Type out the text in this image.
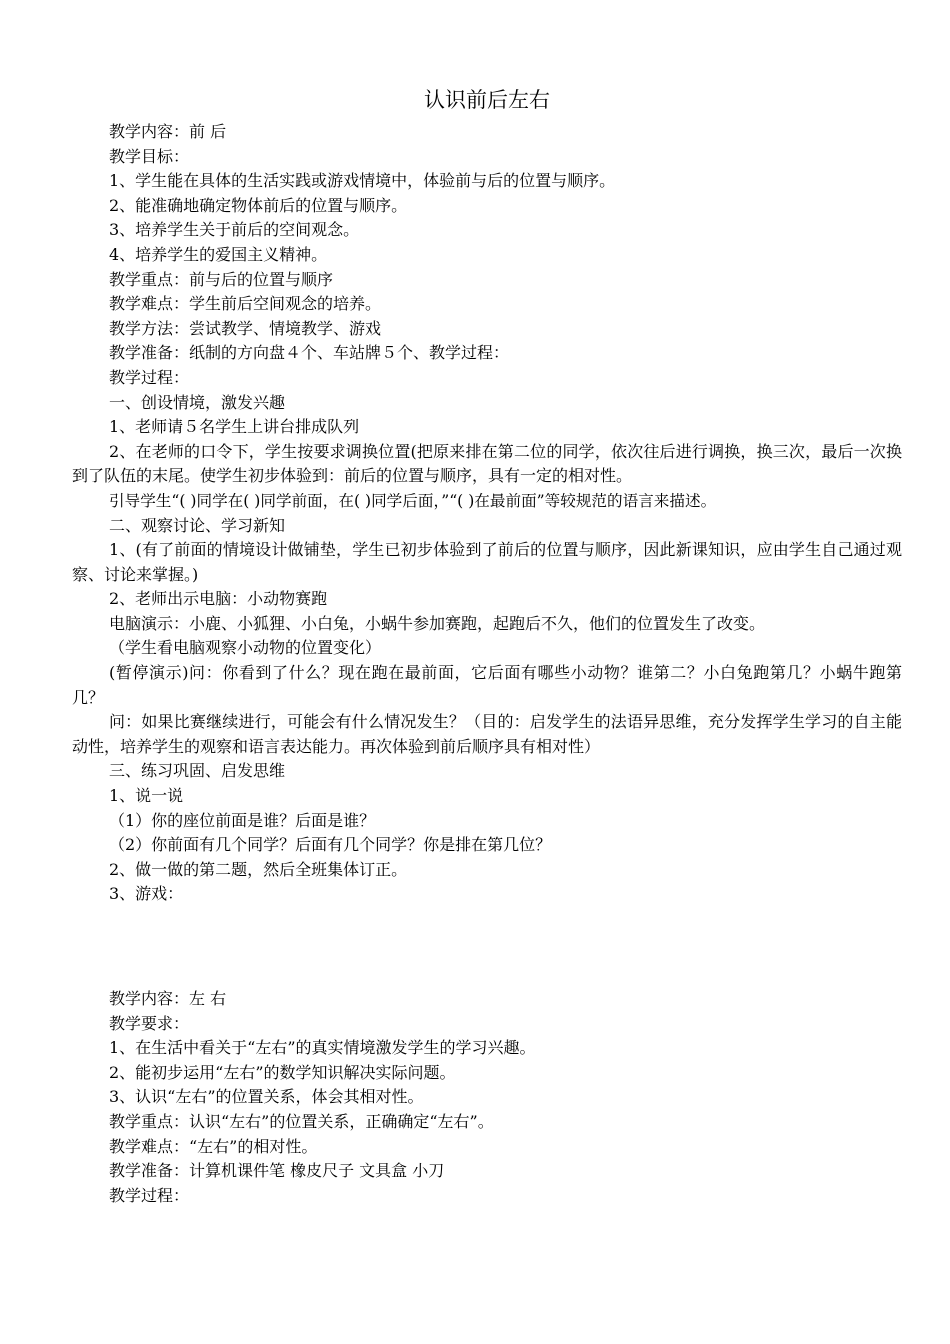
认识前后左右
教学内容：前 后
教学目标：
1、学生能在具体的生活实践或游戏情境中，体验前与后的位置与顺序。
2、能准确地确定物体前后的位置与顺序。
3、培养学生关于前后的空间观念。
4、培养学生的爱国主义精神。
教学重点：前与后的位置与顺序
教学难点：学生前后空间观念的培养。
教学方法：尝试教学、情境教学、游戏
教学准备：纸制的方向盘４个、车站牌５个、教学过程：
教学过程：
一、创设情境，激发兴趣
1、老师请５名学生上讲台排成队列
2、在老师的口令下，学生按要求调换位置(把原来排在第二位的同学，依次往后进行调换，换三次，最后一次换到了队伍的末尾。使学生初步体验到：前后的位置与顺序，具有一定的相对性。
引导学生“( )同学在( )同学前面，在( )同学后面，”“( )在最前面”等较规范的语言来描述。
二、观察讨论、学习新知
1、(有了前面的情境设计做铺垫，学生已初步体验到了前后的位置与顺序，因此新课知识，应由学生自己通过观察、讨论来掌握。)
2、老师出示电脑：小动物赛跑
电脑演示：小鹿、小狐狸、小白兔，小蜗牛参加赛跑，起跑后不久，他们的位置发生了改变。
（学生看电脑观察小动物的位置变化）
(暂停演示)问：你看到了什么？现在跑在最前面，它后面有哪些小动物？谁第二？小白兔跑第几？小蜗牛跑第几？
问：如果比赛继续进行，可能会有什么情况发生？（目的：启发学生的法语异思维，充分发挥学生学习的自主能动性，培养学生的观察和语言表达能力。再次体验到前后顺序具有相对性）
三、练习巩固、启发思维
1、说一说
（1）你的座位前面是谁？后面是谁？
（2）你前面有几个同学？后面有几个同学？你是排在第几位？
2、做一做的第二题，然后全班集体订正。
3、游戏：
教学内容：左 右
教学要求：
1、在生活中看关于“左右”的真实情境激发学生的学习兴趣。
2、能初步运用“左右”的数学知识解决实际问题。
3、认识“左右”的位置关系，体会其相对性。
教学重点：认识“左右”的位置关系，正确确定“左右”。
教学难点：“左右”的相对性。
教学准备：计算机课件笔 橡皮尺子 文具盒 小刀
教学过程：
